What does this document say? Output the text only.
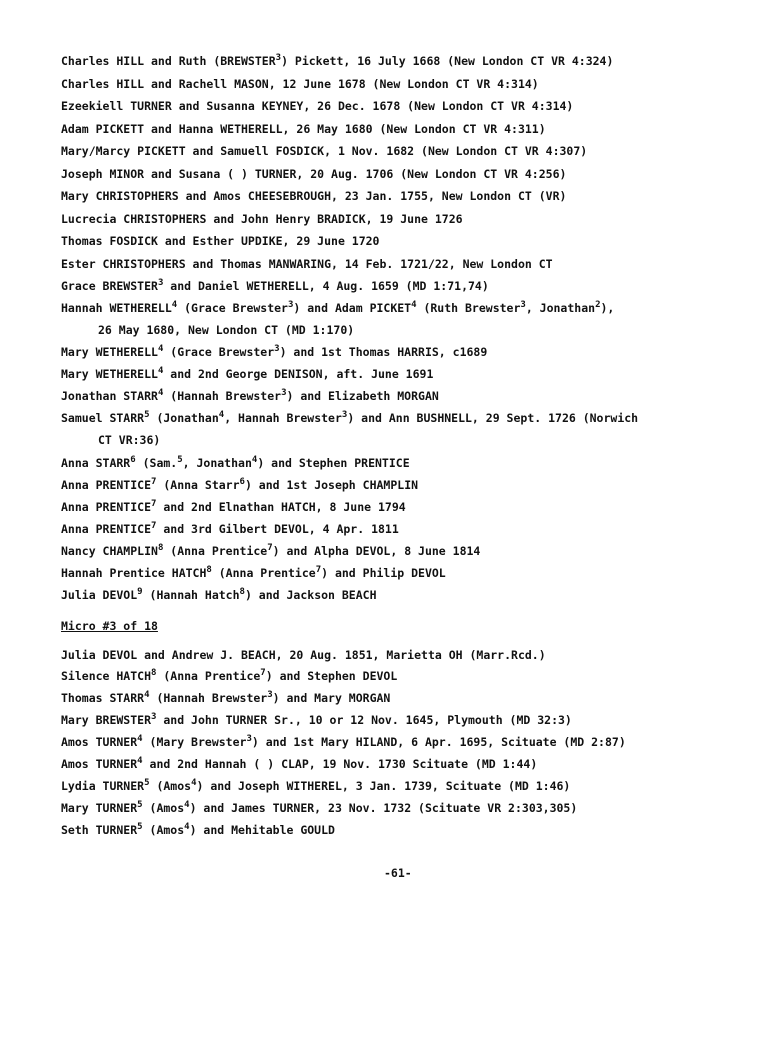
Charles HILL and Ruth (BREWSTER$^3$) Pickett, 16 July 1668 (New London CT VR 4:324)
Charles HILL and Rachell MASON, 12 June 1678 (New London CT VR 4:314)
Ezeekiell TURNER and Susanna KEYNEY, 26 Dec. 1678 (New London CT VR 4:314)
Adam PICKETT and Hanna WETHERELL, 26 May 1680 (New London CT VR 4:311)
Mary/Marcy PICKETT and Samuell FOSDICK, 1 Nov. 1682 (New London CT VR 4:307)
Joseph MINOR and Susana ( ) TURNER, 20 Aug. 1706 (New London CT VR 4:256)
Mary CHRISTOPHERS and Amos CHEESEBROUGH, 23 Jan. 1755, New London CT (VR)
Lucrecia CHRISTOPHERS and John Henry BRADICK, 19 June 1726
Thomas FOSDICK and Esther UPDIKE, 29 June 1720
Ester CHRISTOPHERS and Thomas MANWARING, 14 Feb. 1721/22, New London CT
Grace BREWSTER$^3$ and Daniel WETHERELL, 4 Aug. 1659 (MD 1:71,74)
Hannah WETHERELL$^4$ (Grace Brewster$^3$) and Adam PICKET$^4$ (Ruth Brewster$^3$, Jonathan$^2$),
26 May 1680, New London CT (MD 1:170)
Mary WETHERELL$^4$ (Grace Brewster$^3$) and 1st Thomas HARRIS, c1689
Mary WETHERELL$^4$ and 2nd George DENISON, aft. June 1691
Jonathan STARR$^4$ (Hannah Brewster$^3$) and Elizabeth MORGAN
Samuel STARR$^5$ (Jonathan$^4$, Hannah Brewster$^3$) and Ann BUSHNELL, 29 Sept. 1726 (Norwich
CT VR:36)
Anna STARR$^6$ (Sam.$^5$, Jonathan$^4$) and Stephen PRENTICE
Anna PRENTICE$^7$ (Anna Starr$^6$) and 1st Joseph CHAMPLIN
Anna PRENTICE$^7$ and 2nd Elnathan HATCH, 8 June 1794
Anna PRENTICE$^7$ and 3rd Gilbert DEVOL, 4 Apr. 1811
Nancy CHAMPLIN$^8$ (Anna Prentice$^7$) and Alpha DEVOL, 8 June 1814
Hannah Prentice HATCH$^8$ (Anna Prentice$^7$) and Philip DEVOL
Julia DEVOL$^9$ (Hannah Hatch$^8$) and Jackson BEACH
Micro #3 of 18
Julia DEVOL and Andrew J. BEACH, 20 Aug. 1851, Marietta OH (Marr.Rcd.)
Silence HATCH$^8$ (Anna Prentice$^7$) and Stephen DEVOL
Thomas STARR$^4$ (Hannah Brewster$^3$) and Mary MORGAN
Mary BREWSTER$^3$ and John TURNER Sr., 10 or 12 Nov. 1645, Plymouth (MD 32:3)
Amos TURNER$^4$ (Mary Brewster$^3$) and 1st Mary HILAND, 6 Apr. 1695, Scituate (MD 2:87)
Amos TURNER$^4$ and 2nd Hannah ( ) CLAP, 19 Nov. 1730 Scituate (MD 1:44)
Lydia TURNER$^5$ (Amos$^4$) and Joseph WITHEREL, 3 Jan. 1739, Scituate (MD 1:46)
Mary TURNER$^5$ (Amos$^4$) and James TURNER, 23 Nov. 1732 (Scituate VR 2:303,305)
Seth TURNER$^5$ (Amos$^4$) and Mehitable GOULD
-61-
